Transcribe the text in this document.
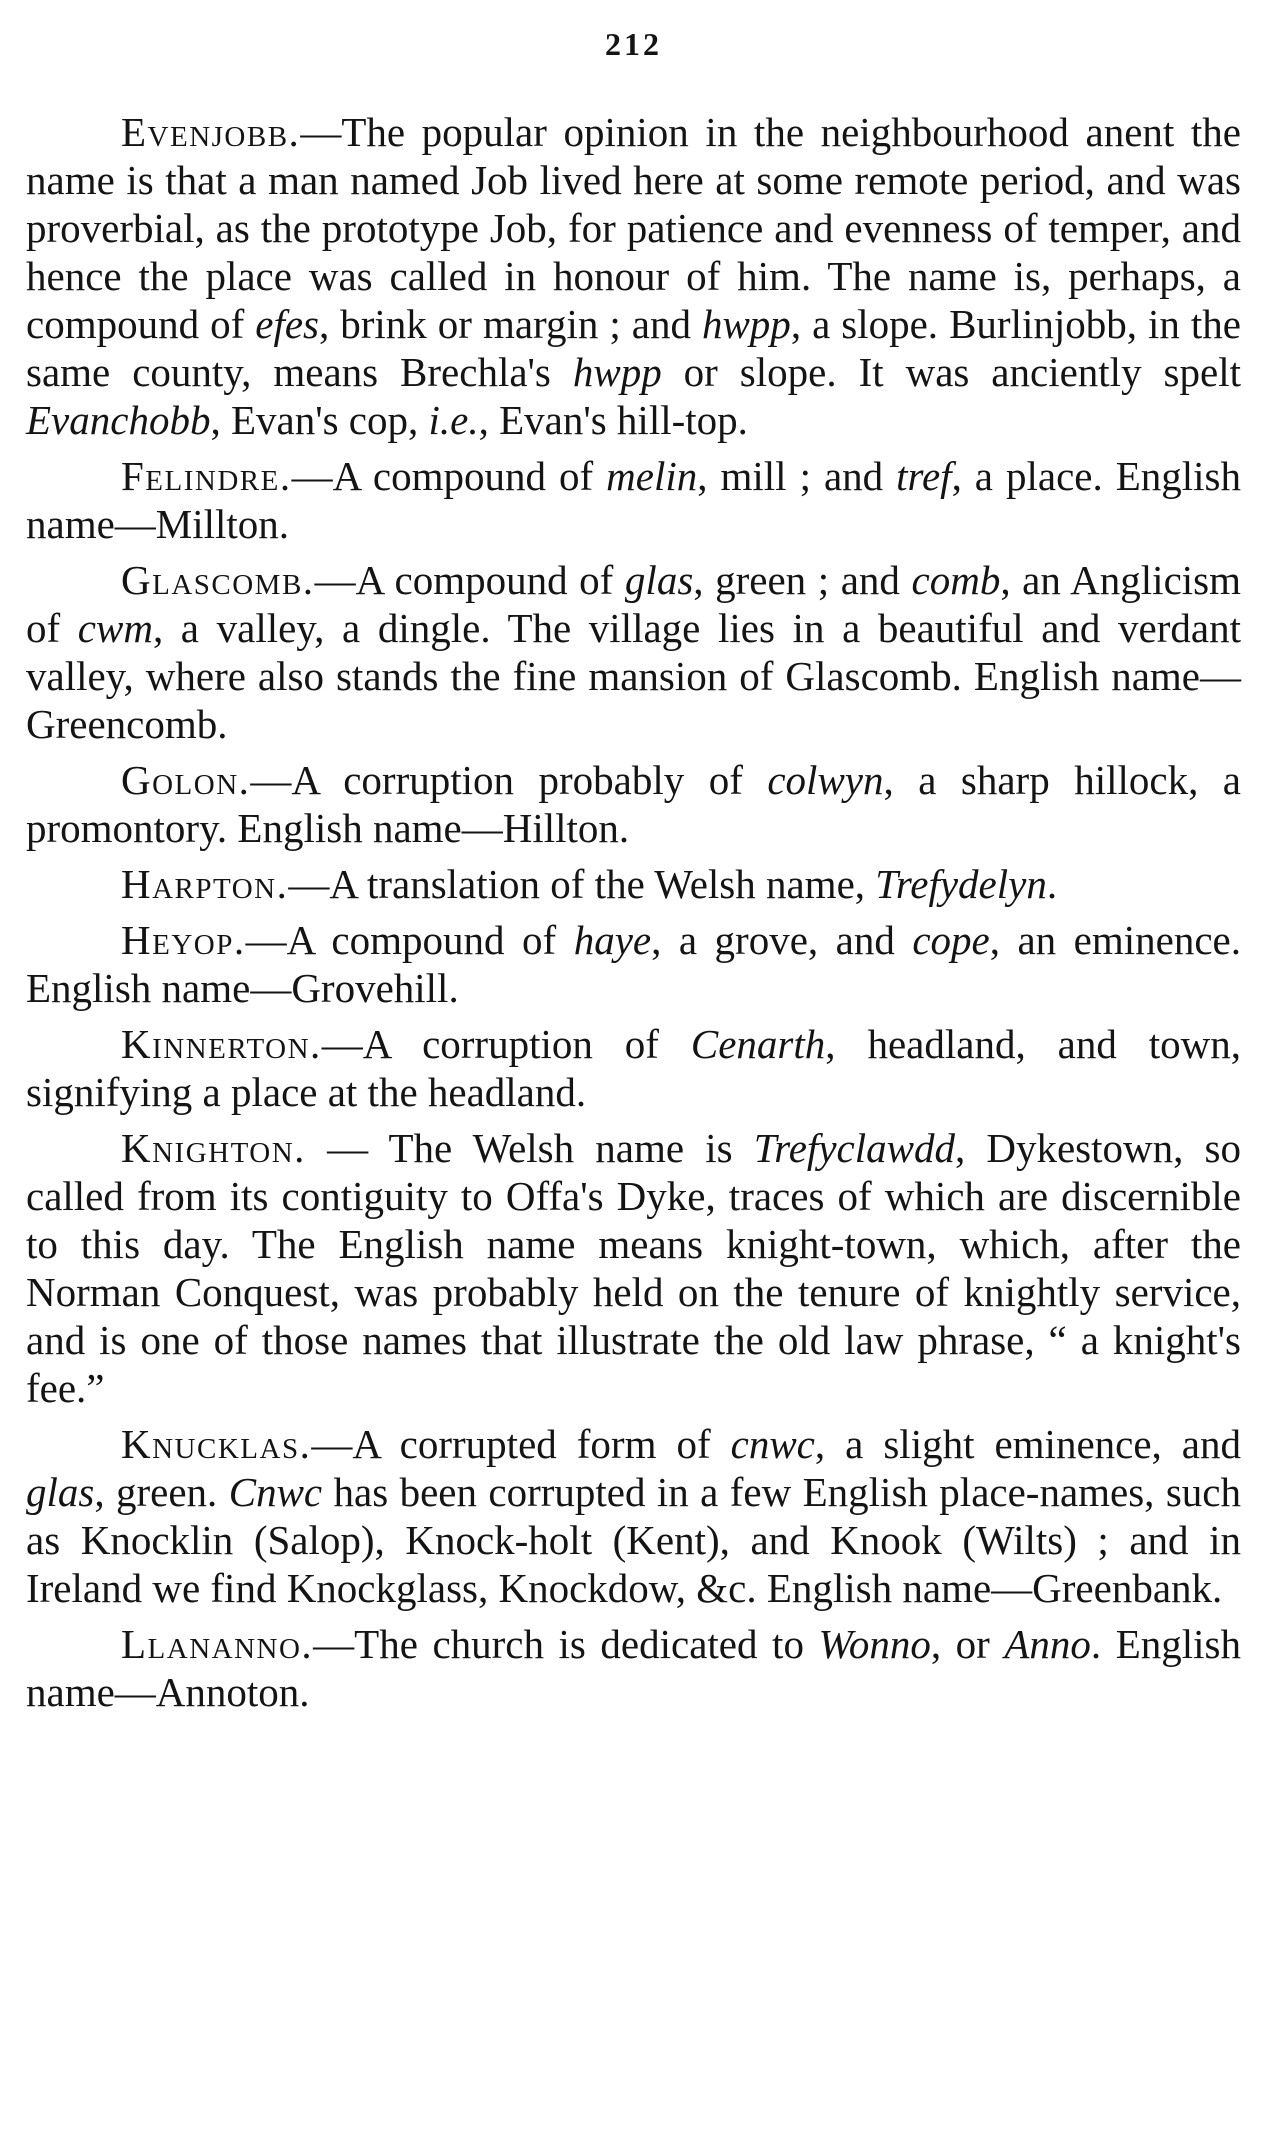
212

Evenjobb.—The popular opinion in the neighbourhood anent the name is that a man named Job lived here at some remote period, and was proverbial, as the prototype Job, for patience and evenness of temper, and hence the place was called in honour of him. The name is, perhaps, a compound of efes, brink or margin ; and hwpp, a slope. Burlinjobb, in the same county, means Brechla's hwpp or slope. It was anciently spelt Evanchobb, Evan's cop, i.e., Evan's hill-top.

Felindre.—A compound of melin, mill ; and tref, a place. English name—Millton.

Glascomb.—A compound of glas, green ; and comb, an Anglicism of cwm, a valley, a dingle. The village lies in a beautiful and verdant valley, where also stands the fine mansion of Glascomb. English name—Greencomb.

Golon.—A corruption probably of colwyn, a sharp hillock, a promontory. English name—Hillton.

Harpton.—A translation of the Welsh name, Trefydelyn.

Heyop.—A compound of haye, a grove, and cope, an eminence. English name—Grovehill.

Kinnerton.—A corruption of Cenarth, headland, and town, signifying a place at the headland.

Knighton. — The Welsh name is Trefyclawdd, Dykestown, so called from its contiguity to Offa's Dyke, traces of which are discernible to this day. The English name means knight-town, which, after the Norman Conquest, was probably held on the tenure of knightly service, and is one of those names that illustrate the old law phrase, “ a knight's fee.”

Knucklas.—A corrupted form of cnwc, a slight eminence, and glas, green. Cnwc has been corrupted in a few English place-names, such as Knocklin (Salop), Knock-holt (Kent), and Knook (Wilts) ; and in Ireland we find Knockglass, Knockdow, &c. English name—Greenbank.

Llananno.—The church is dedicated to Wonno, or Anno. English name—Annoton.
